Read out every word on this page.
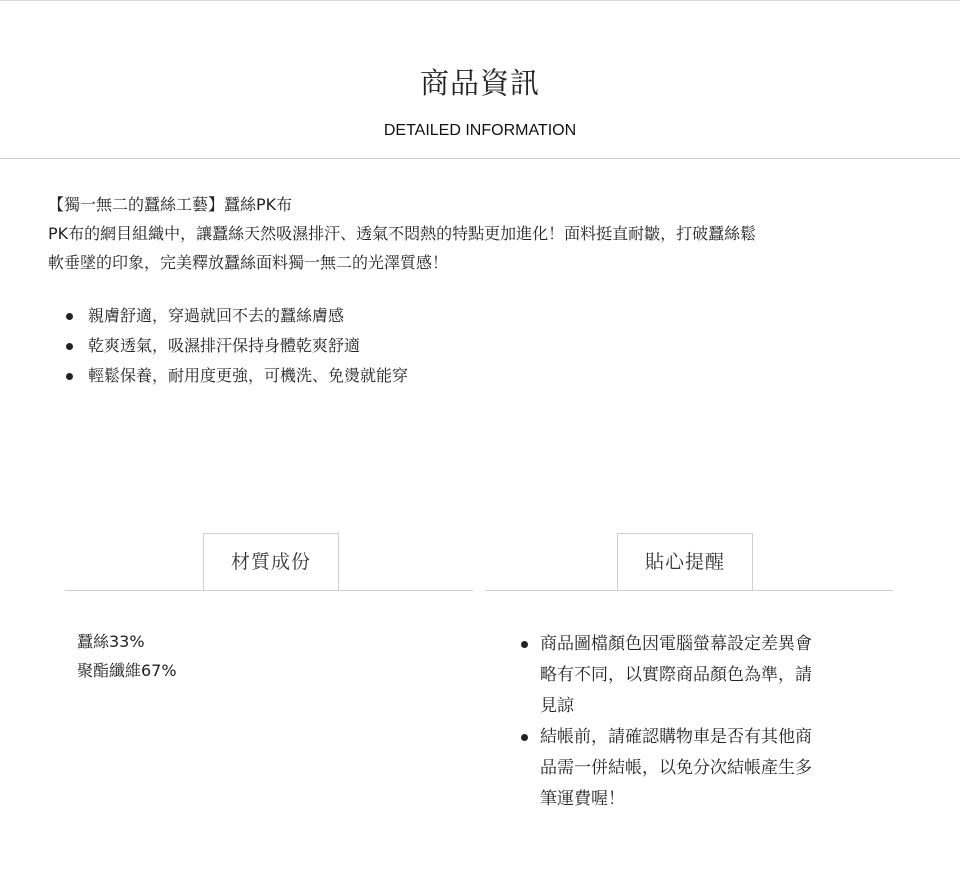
商品資訊
DETAILED INFORMATION

【獨一無二的蠶絲工藝】蠶絲PK布

PK布的網目組織中，讓蠶絲天然吸濕排汗、透氣不悶熱的特點更加進化！面料挺直耐皺，打破蠶絲鬆

軟垂墜的印象，完美釋放蠶絲面料獨一無二的光澤質感！

親膚舒適，穿過就回不去的蠶絲膚感
乾爽透氣，吸濕排汗保持身體乾爽舒適
輕鬆保養，耐用度更強，可機洗、免燙就能穿
材質成份
蠶絲33%
聚酯纖維67%
貼心提醒
商品圖檔顏色因電腦螢幕設定差異會
略有不同，以實際商品顏色為準，請
見諒
結帳前，請確認購物車是否有其他商
品需一併結帳，以免分次結帳產生多
筆運費喔！
